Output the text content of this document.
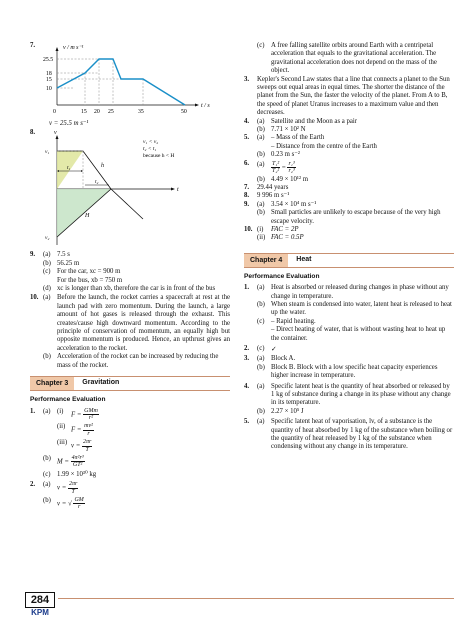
7.	v / m s⁻¹
t / s
25.5
18
15
10
0	15 20 25	35	50
v = 25.5 m s⁻¹
8.	v
t
t₁
t₂
h
H
v₁
v₂
v₁ < v₂
t₂ < t₁
because h < H
9.	(a) 7.5 s
(b) 56.25 m
(c) For the car, xc = 900 m
For the bus, xb = 750 m
(d) xc is longer than xb, therefore the car is in front of the bus
10. (a) Before the launch, the rocket carries a spacecraft at rest at the launch pad with zero momentum. During the launch, a large amount of hot gases is released through the exhaust. This creates/cause high downward momentum. According to the principle of conservation of momentum, an equally high but opposite momentum is produced. Hence, an upthrust gives an acceleration to the rocket.
(b) Acceleration of the rocket can be increased by reducing the mass of the rocket.
Chapter 3	Gravitation
Performance Evaluation
1.	(a) (i)	$F = \frac{\text{GMm}}{\text{r²}}$
(ii) $F = \frac{\text{mv²}}{r}$
(iii) $v = \frac{2\pi r}{T}$
(b) $M = \frac{\text{4π²r³}}{\text{GT²}}$
(c) 1.99 × 10³⁰ kg
2.	(a) $v = \frac{2\pi r}{T}$
(b) v = √ $\frac{GM}{r}$
(c) A free falling satellite orbits around Earth with a centripetal acceleration that equals to the gravitational acceleration. The gravitational acceleration does not depend on the mass of the object.
3.	Kepler's Second Law states that a line that connects a planet to the Sun sweeps out equal areas in equal times. The shorter the distance of the planet from the Sun, the faster the velocity of the planet. From A to B, the speed of planet Uranus increases to a maximum value and then decreases.
4.	(a) Satellite and the Moon as a pair
(b) 7.71 × 10² N
5.	(a) – Mass of the Earth
– Distance from the centre of the Earth
(b) 0.23 m s⁻²
6.	(a)	$\frac{\text{T₁²}}{\text{T₂²}} = \frac{\text{r₁³}}{\text{r₂³}}$
(b) 4.49 × 10¹² m
7.	29.44 years
8.	9 996 m s⁻¹
9.	(a) 3.54 × 10⁴ m s⁻¹
(b) Small particles are unlikely to escape because of the very high escape velocity.
10. (i)	FAC = 2P
(ii) FAC = 0.5P
Chapter 4	Heat
Performance Evaluation
1.	(a) Heat is absorbed or released during changes in phase without any change in temperature.
(b) When steam is condensed into water, latent heat is released to heat up the water.
(c) – Rapid heating.
– Direct heating of water, that is without wasting heat to heat up the container.
2.	(c) ✓
3.	(a) Block A.
(b) Block B. Block with a low specific heat capacity experiences higher increase in temperature.
4.	(a) Specific latent heat is the quantity of heat absorbed or released by 1 kg of substance during a change in its phase without any change in its temperature.
(b) 2.27 × 10⁵ J
5.	(a) Specific latent heat of vaporisation, lv, of a substance is the quantity of heat absorbed by 1 kg of the substance when boiling or the quantity of heat released by 1 kg of the substance when condensing without any change in its temperature.
284
KPM
